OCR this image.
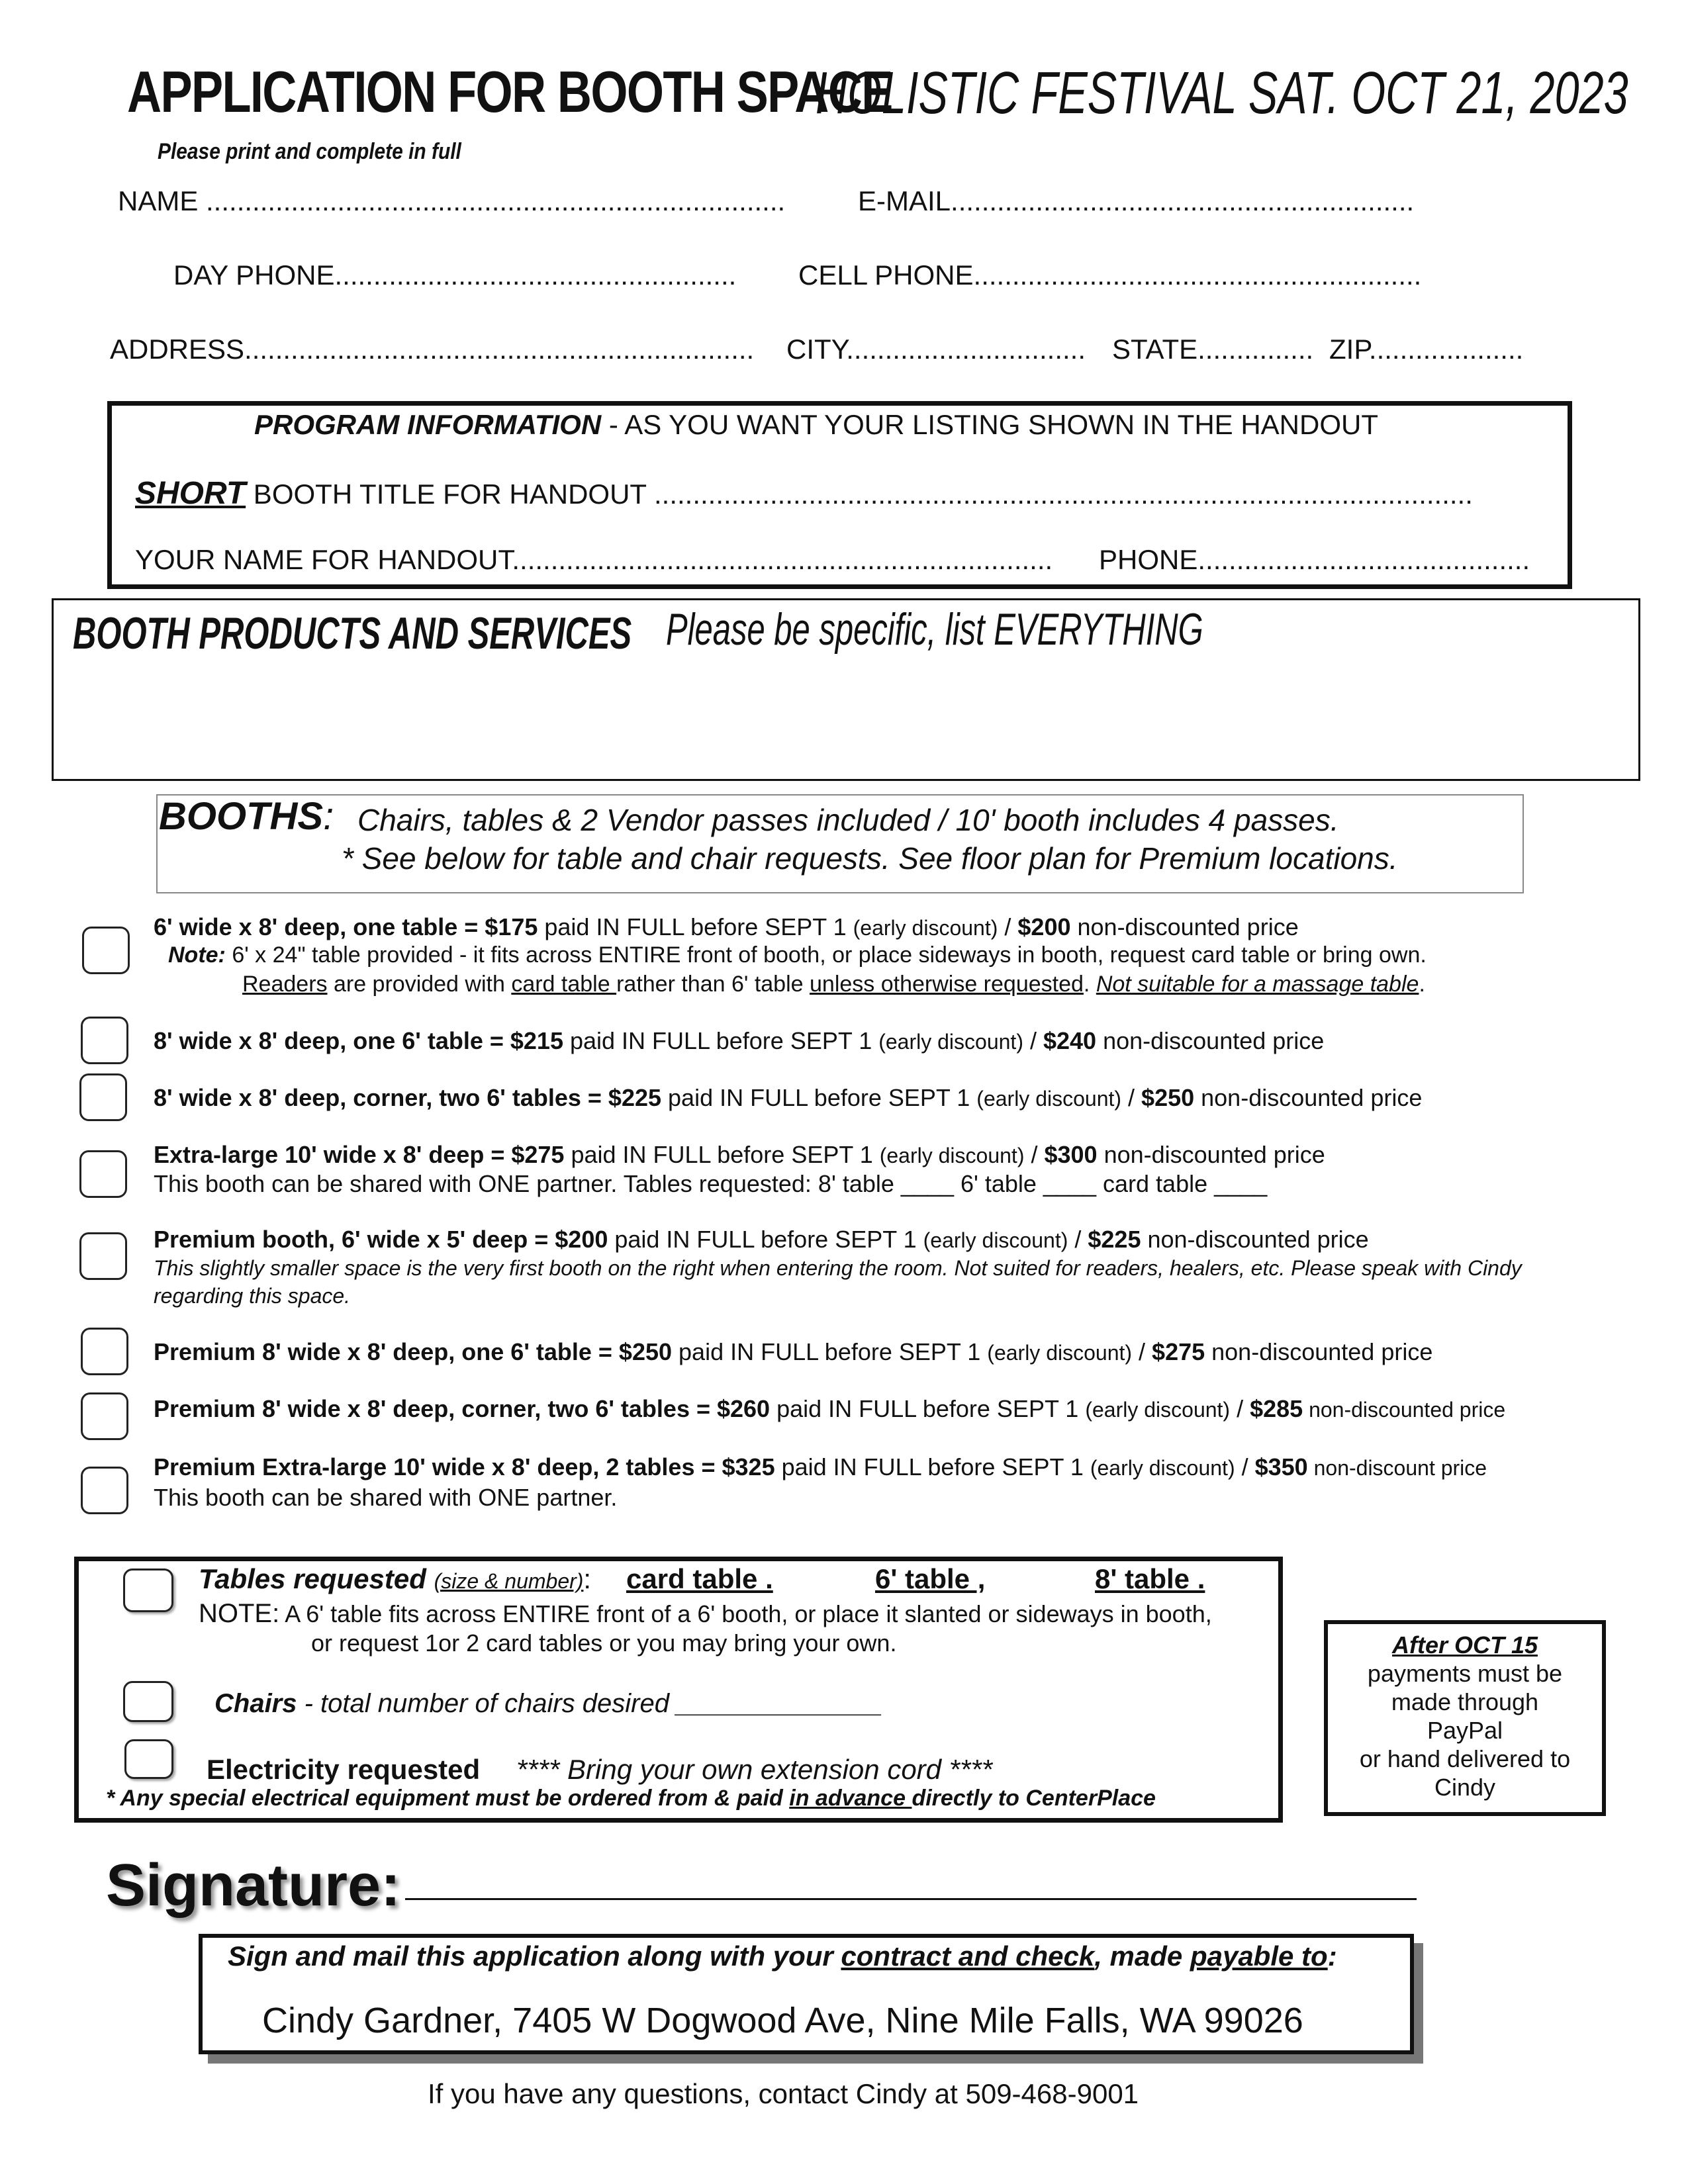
APPLICATION FOR BOOTH SPACE
HOLISTIC FESTIVAL SAT. OCT 21, 2023
Please print and complete in full
NAME ...........................................................................	E-MAIL............................................................
DAY PHONE.................................................... CELL PHONE..........................................................
ADDRESS.................................................................. CITY............................... STATE............... ZIP....................
PROGRAM INFORMATION - AS YOU WANT YOUR LISTING SHOWN IN THE HANDOUT
SHORT BOOTH TITLE FOR HANDOUT ..........................................................................................................
YOUR NAME FOR HANDOUT...................................................................... PHONE...........................................
BOOTH PRODUCTS AND SERVICES Please be specific, list EVERYTHING
BOOTHS: Chairs, tables & 2 Vendor passes included / 10' booth includes 4 passes.
* See below for table and chair requests. See floor plan for Premium locations.
6' wide x 8' deep, one table = $175 paid IN FULL before SEPT 1 (early discount) / $200 non-discounted price
Note: 6' x 24" table provided - it fits across ENTIRE front of booth, or place sideways in booth, request card table or bring own.
Readers are provided with card table rather than 6' table unless otherwise requested. Not suitable for a massage table.
8' wide x 8' deep, one 6' table = $215 paid IN FULL before SEPT 1 (early discount) / $240 non-discounted price
8' wide x 8' deep, corner, two 6' tables = $225 paid IN FULL before SEPT 1 (early discount) / $250 non-discounted price
Extra-large 10' wide x 8' deep = $275 paid IN FULL before SEPT 1 (early discount) / $300 non-discounted price
This booth can be shared with ONE partner. Tables requested: 8' table ____ 6' table ____ card table ____
Premium booth, 6' wide x 5' deep = $200 paid IN FULL before SEPT 1 (early discount) / $225 non-discounted price
This slightly smaller space is the very first booth on the right when entering the room. Not suited for readers, healers, etc. Please speak with Cindy
regarding this space.
Premium 8' wide x 8' deep, one 6' table = $250 paid IN FULL before SEPT 1 (early discount) / $275 non-discounted price
Premium 8' wide x 8' deep, corner, two 6' tables = $260 paid IN FULL before SEPT 1 (early discount) / $285 non-discounted price
Premium Extra-large 10' wide x 8' deep, 2 tables = $325 paid IN FULL before SEPT 1 (early discount) / $350 non-discount price
This booth can be shared with ONE partner.
Tables requested (size & number): card table .	6' table ,	8' table .
NOTE: A 6' table fits across ENTIRE front of a 6' booth, or place it slanted or sideways in booth,
or request 1or 2 card tables or you may bring your own.
Chairs - total number of chairs desired ______________
Electricity requested **** Bring your own extension cord ****
* Any special electrical equipment must be ordered from & paid in advance directly to CenterPlace
After OCT 15
payments must be
made through
PayPal
or hand delivered to
Cindy
Signature:
Sign and mail this application along with your contract and check, made payable to:
Cindy Gardner, 7405 W Dogwood Ave, Nine Mile Falls, WA 99026
If you have any questions, contact Cindy at 509-468-9001
